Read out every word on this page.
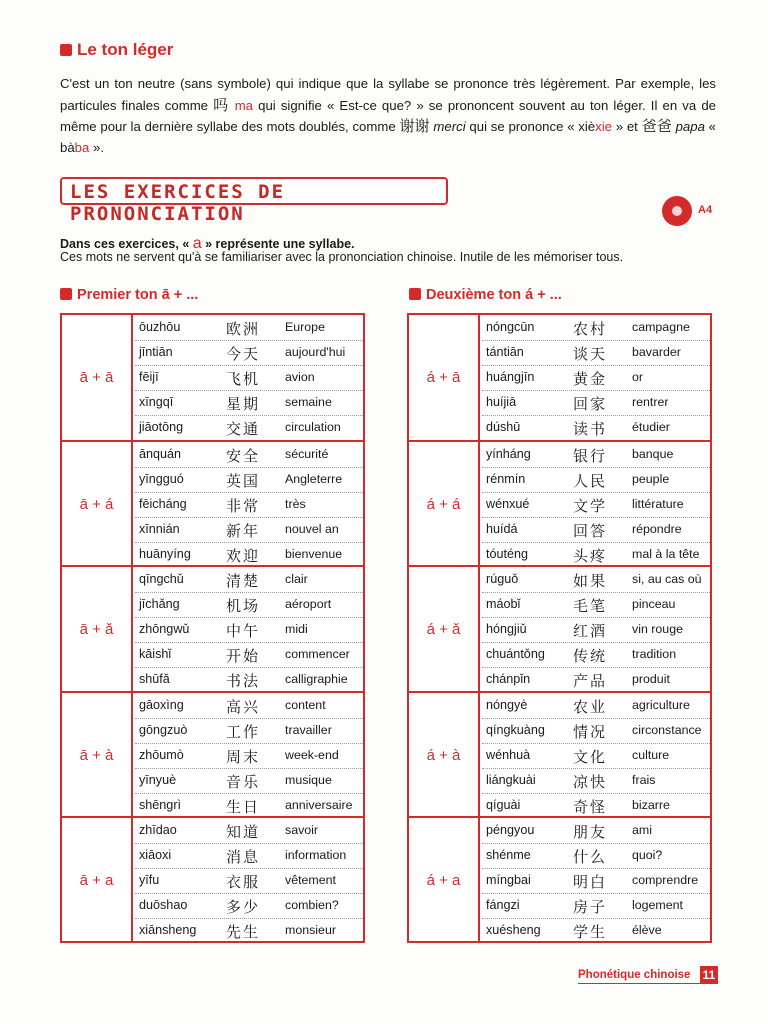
Le ton léger
C'est un ton neutre (sans symbole) qui indique que la syllabe se prononce très légèrement. Par exemple, les particules finales comme 吗 ma qui signifie « Est-ce que? » se prononcent souvent au ton léger. Il en va de même pour la dernière syllabe des mots doublés, comme 谢谢 merci qui se prononce « xièxie » et 爸爸 papa « bàba ».
LES EXERCICES DE PRONONCIATION	A4
Dans ces exercices, « a » représente une syllabe.
Ces mots ne servent qu'à se familiariser avec la prononciation chinoise. Inutile de les mémoriser tous.
Premier ton ā + ...	Deuxième ton á + ...
ā + ā
ōuzhōu	欧洲 Europe
jīntiān	今天 aujourd'hui
fēijī	飞机 avion
xīngqī	星期 semaine
jiāotōng	交通 circulation
ā + á
ānquán	安全 sécurité
yīngguó	英国 Angleterre
fēicháng	非常 très
xīnnián	新年 nouvel an
huānyíng 欢迎 bienvenue
ā + ǎ
qīngchǔ	清楚 clair
jīchǎng	机场 aéroport
zhōngwǔ 中午 midi
kāishǐ	开始 commencer
shūfǎ	书法 calligraphie
ā + à
gāoxìng	高兴 content
gōngzuò	工作 travailler
zhōumò	周末 week-end
yīnyuè	音乐 musique
shēngrì	生日 anniversaire
ā + a
zhīdao	知道 savoir
xiāoxi	消息 information
yīfu	衣服 vêtement
duōshao	多少 combien?
xiānsheng 先生 monsieur
á + ā
nóngcūn	农村 campagne
tántiān	谈天 bavarder
huángjīn	黄金 or
huíjiā	回家 rentrer
dúshū	读书 étudier
á + á
yínháng	银行 banque
rénmín	人民 peuple
wénxué	文学 littérature
huídá	回答 répondre
tóuténg	头疼 mal à la tête
á + ǎ
rúguǒ	如果 si, au cas où
máobǐ	毛笔 pinceau
hóngjiǔ	红酒 vin rouge
chuántǒng 传统 tradition
chánpǐn	产品 produit
á + à
nóngyè	农业 agriculture
qíngkuàng 情况 circonstance
wénhuà	文化 culture
liángkuài 凉快 frais
qíguài	奇怪 bizarre
á + a
péngyou	朋友 ami
shénme	什么 quoi?
míngbai	明白 comprendre
fángzi	房子 logement
xuésheng 学生 élève
Phonétique chinoise 11
